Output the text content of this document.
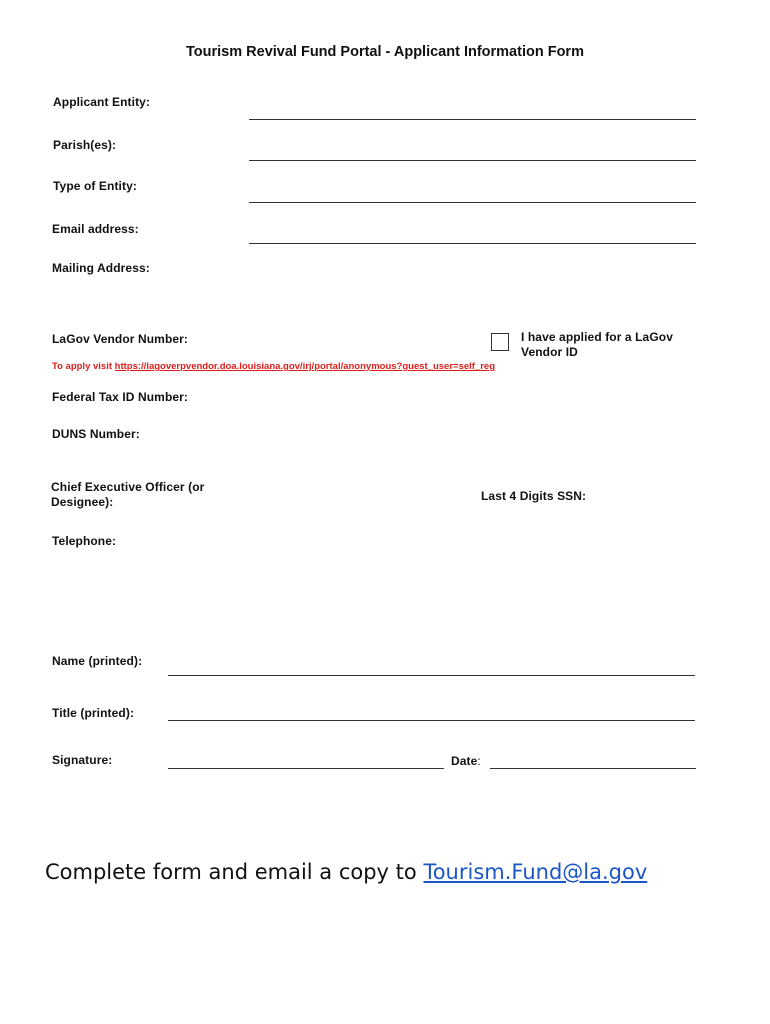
Tourism Revival Fund Portal - Applicant Information Form
Applicant Entity:
Parish(es):
Type of Entity:
Email address:
Mailing Address:
LaGov Vendor Number:	I have applied for a LaGov
Vendor ID
To apply visit https://lagoverpvendor.doa.louisiana.gov/irj/portal/anonymous?guest_user=self_reg
Federal Tax ID Number:
DUNS Number:
Chief Executive Officer (or
Designee):	Last 4 Digits SSN:
Telephone:
Name (printed):
Title (printed):
Signature:	Date:
Complete form and email a copy to Tourism.Fund@la.gov
